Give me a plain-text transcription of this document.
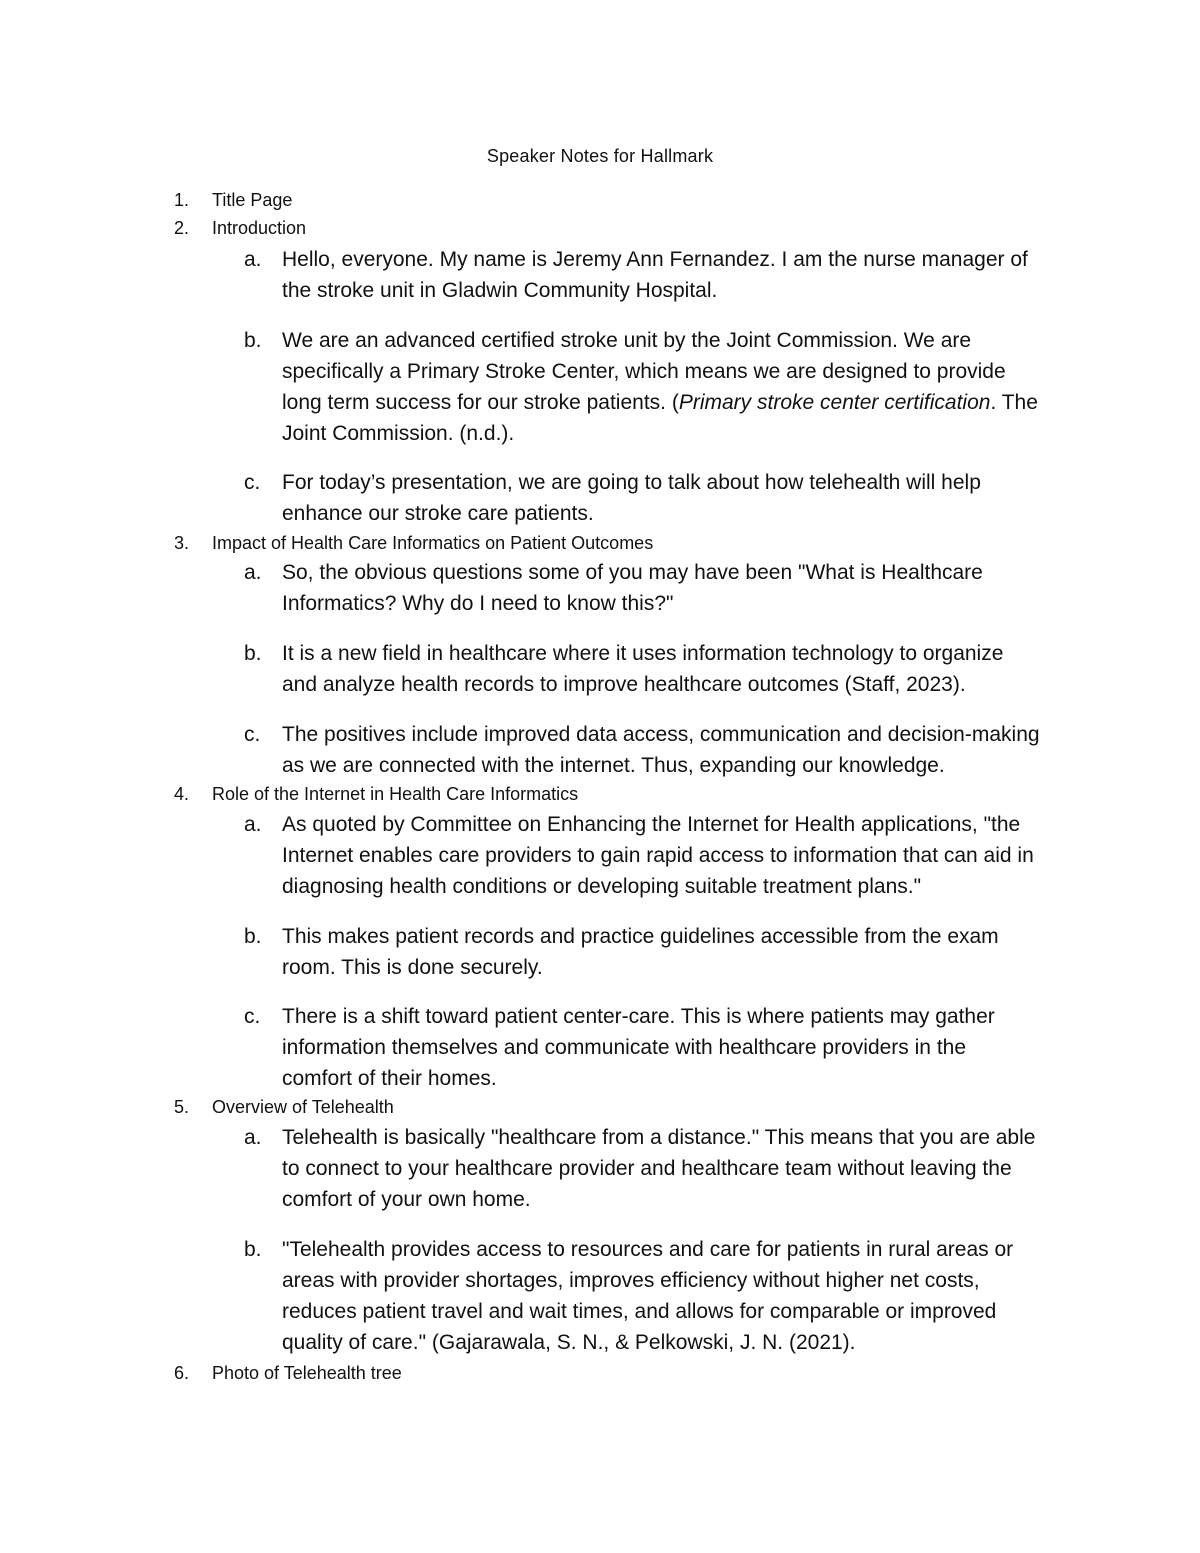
Speaker Notes for Hallmark
1. Title Page
2. Introduction
a. Hello, everyone. My name is Jeremy Ann Fernandez. I am the nurse manager of
the stroke unit in Gladwin Community Hospital.
b. We are an advanced certified stroke unit by the Joint Commission. We are
specifically a Primary Stroke Center, which means we are designed to provide
long term success for our stroke patients. (Primary stroke center certification. The
Joint Commission. (n.d.).
c. For today’s presentation, we are going to talk about how telehealth will help
enhance our stroke care patients.
3. Impact of Health Care Informatics on Patient Outcomes
a. So, the obvious questions some of you may have been "What is Healthcare
Informatics? Why do I need to know this?"
b. It is a new field in healthcare where it uses information technology to organize
and analyze health records to improve healthcare outcomes (Staff, 2023).
c. The positives include improved data access, communication and decision-making
as we are connected with the internet. Thus, expanding our knowledge.
4. Role of the Internet in Health Care Informatics
a. As quoted by Committee on Enhancing the Internet for Health applications, "the
Internet enables care providers to gain rapid access to information that can aid in
diagnosing health conditions or developing suitable treatment plans."
b. This makes patient records and practice guidelines accessible from the exam
room. This is done securely.
c. There is a shift toward patient center-care. This is where patients may gather
information themselves and communicate with healthcare providers in the
comfort of their homes.
5. Overview of Telehealth
a. Telehealth is basically "healthcare from a distance." This means that you are able
to connect to your healthcare provider and healthcare team without leaving the
comfort of your own home.
b. "Telehealth provides access to resources and care for patients in rural areas or
areas with provider shortages, improves efficiency without higher net costs,
reduces patient travel and wait times, and allows for comparable or improved
quality of care." (Gajarawala, S. N., & Pelkowski, J. N. (2021).
6. Photo of Telehealth tree
